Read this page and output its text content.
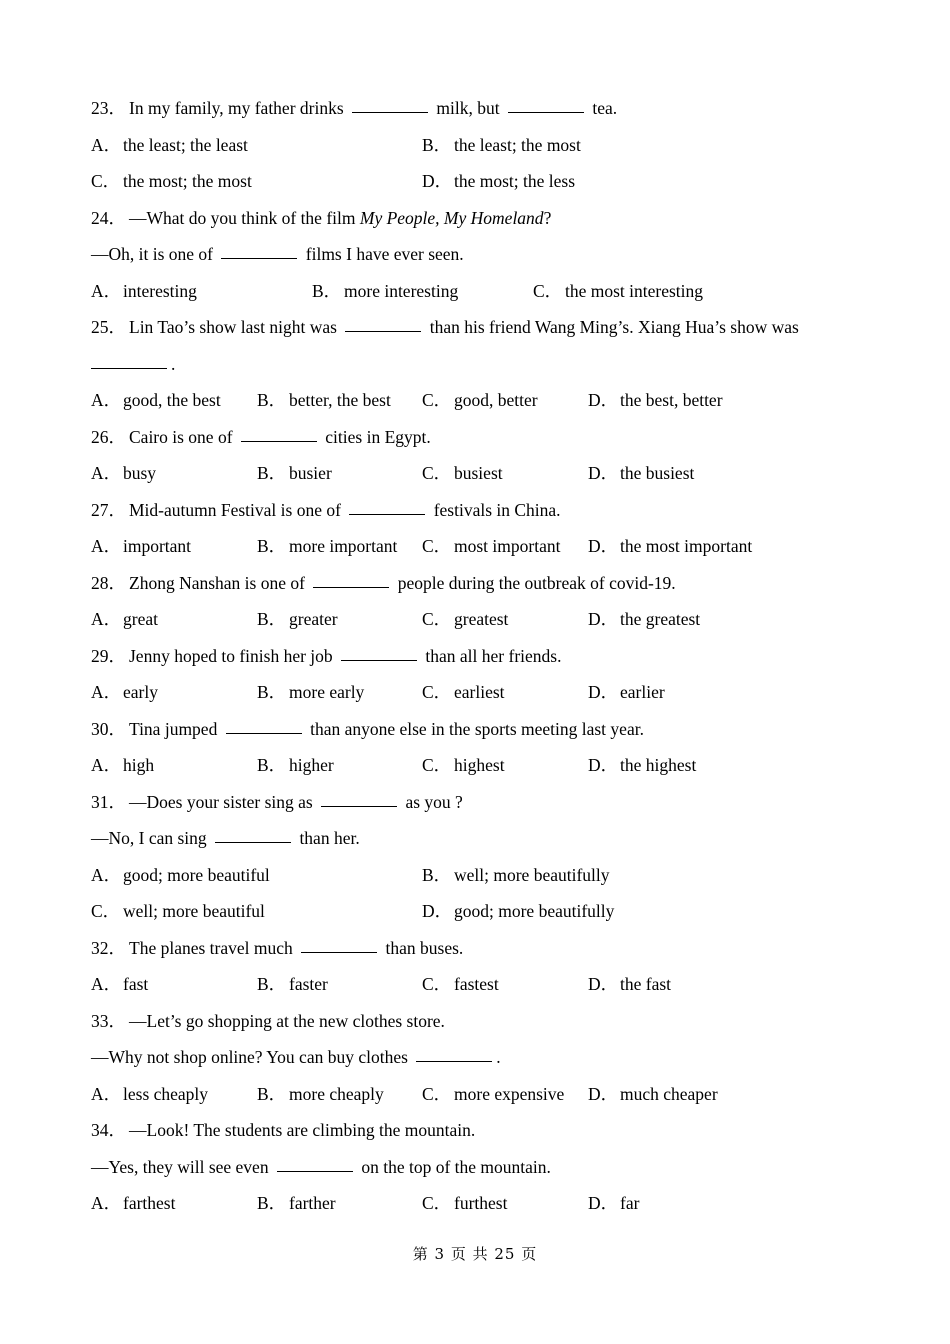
23． In my family, my father drinks	milk, but	tea.
A． the least; the least	B． the least; the most
C． the most; the most	D． the most; the less
24． —What do you think of the film My People, My Homeland?
—Oh, it is one of	films I have ever seen.
A． interesting	B． more interesting	C． the most interesting
25． Lin Tao’s show last night was	than his friend Wang Ming’s. Xiang Hua’s show was
.
A． good, the best B． better, the best C． good, better	D． the best, better
26． Cairo is one of	cities in Egypt.
A． busy	B． busier	C． busiest	D． the busiest
27． Mid-autumn Festival is one of	festivals in China.
A． important	B． more important C． most important D． the most important
28． Zhong Nanshan is one of	people during the outbreak of covid-19.
A． great	B． greater	C． greatest	D． the greatest
29． Jenny hoped to finish her job	than all her friends.
A． early	B． more early	C． earliest	D． earlier
30． Tina jumped	than anyone else in the sports meeting last year.
A． high	B． higher	C． highest	D． the highest
31． —Does your sister sing as	as you ?
—No, I can sing	than her.
A． good; more beautiful	B． well; more beautifully
C． well; more beautiful	D． good; more beautifully
32． The planes travel much	than buses.
A． fast	B． faster	C． fastest	D． the fast
33． —Let’s go shopping at the new clothes store.
—Why not shop online? You can buy clothes	.
A． less cheaply	B． more cheaply C． more expensive D． much cheaper
34． —Look! The students are climbing the mountain.
—Yes, they will see even	on the top of the mountain.
A． farthest	B． farther	C． furthest	D． far
第 3 页 共 25 页
